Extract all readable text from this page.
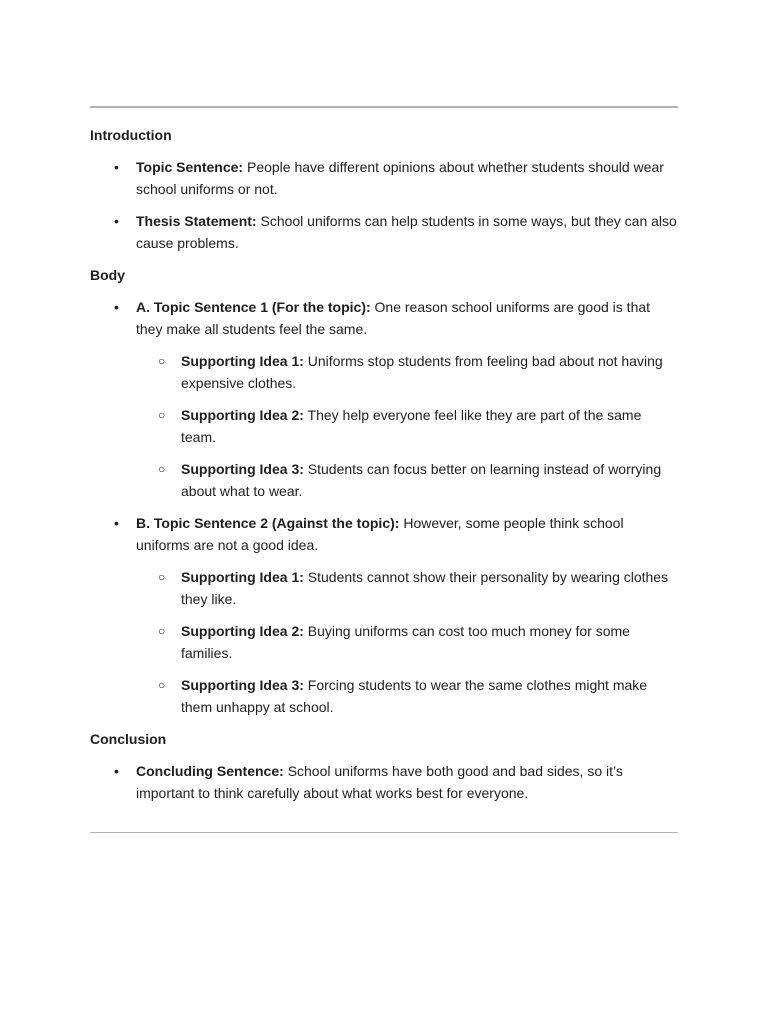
Introduction

• Topic Sentence: People have different opinions about whether students should wear school uniforms or not.
• Thesis Statement: School uniforms can help students in some ways, but they can also cause problems.

Body

• A. Topic Sentence 1 (For the topic): One reason school uniforms are good is that they make all students feel the same.
○ Supporting Idea 1: Uniforms stop students from feeling bad about not having expensive clothes.
○ Supporting Idea 2: They help everyone feel like they are part of the same team.
○ Supporting Idea 3: Students can focus better on learning instead of worrying about what to wear.
• B. Topic Sentence 2 (Against the topic): However, some people think school uniforms are not a good idea.
○ Supporting Idea 1: Students cannot show their personality by wearing clothes they like.
○ Supporting Idea 2: Buying uniforms can cost too much money for some families.
○ Supporting Idea 3: Forcing students to wear the same clothes might make them unhappy at school.

Conclusion

• Concluding Sentence: School uniforms have both good and bad sides, so it’s important to think carefully about what works best for everyone.
